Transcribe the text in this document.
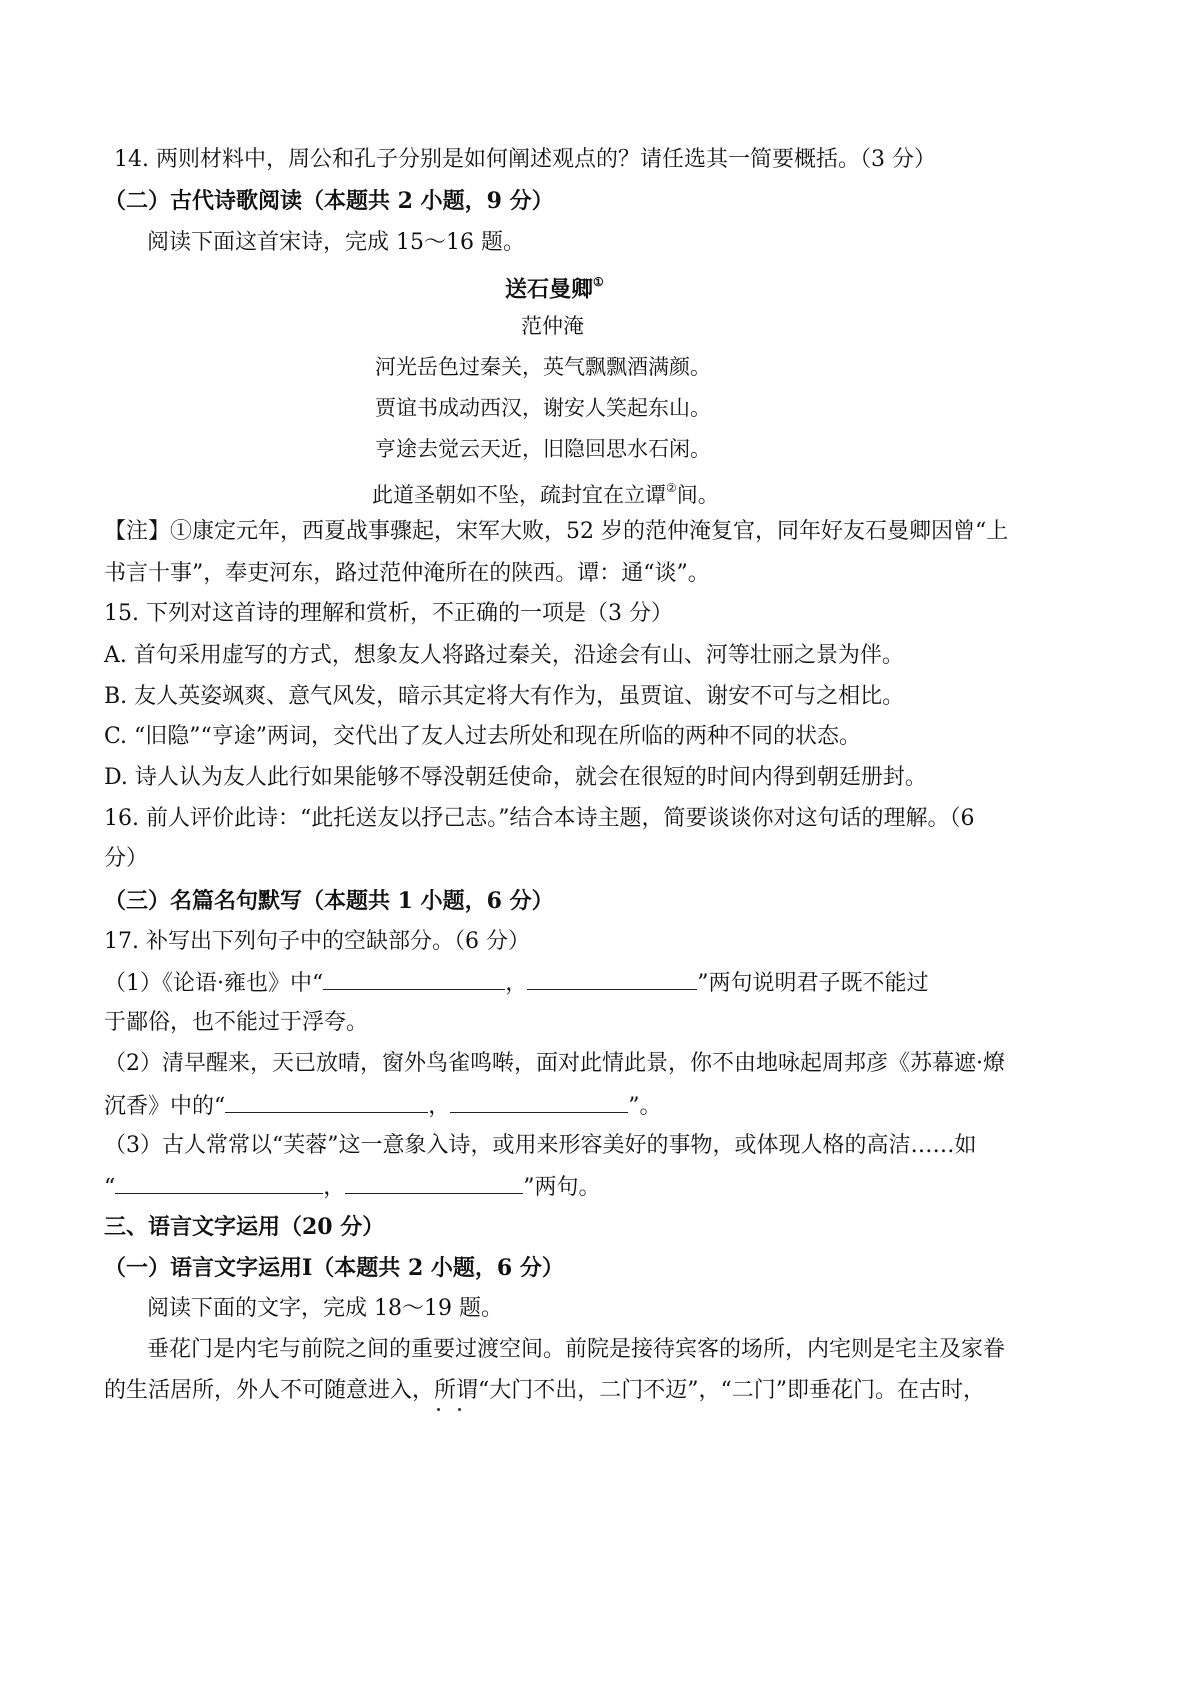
14. 两则材料中，周公和孔子分别是如何阐述观点的？请任选其一简要概括。（3 分）
（二）古代诗歌阅读（本题共 2 小题，9 分）
阅读下面这首宋诗，完成 15～16 题。
送石曼卿①
范仲淹
河光岳色过秦关，英气飘飘酒满颜。
贾谊书成动西汉，谢安人笑起东山。
亨途去觉云天近，旧隐回思水石闲。
此道圣朝如不坠，疏封宜在立谭②间。
【注】①康定元年，西夏战事骤起，宋军大败，52 岁的范仲淹复官，同年好友石曼卿因曾“上
书言十事”，奉吏河东，路过范仲淹所在的陕西。谭：通“谈”。
15. 下列对这首诗的理解和赏析，不正确的一项是（3 分）
A. 首句采用虚写的方式，想象友人将路过秦关，沿途会有山、河等壮丽之景为伴。
B. 友人英姿飒爽、意气风发，暗示其定将大有作为，虽贾谊、谢安不可与之相比。
C. “旧隐”“亨途”两词，交代出了友人过去所处和现在所临的两种不同的状态。
D. 诗人认为友人此行如果能够不辱没朝廷使命，就会在很短的时间内得到朝廷册封。
16. 前人评价此诗：“此托送友以抒己志。”结合本诗主题，简要谈谈你对这句话的理解。（6
分）
（三）名篇名句默写（本题共 1 小题，6 分）
17. 补写出下列句子中的空缺部分。（6 分）
（1）《论语·雍也》中“	，	”两句说明君子既不能过
于鄙俗，也不能过于浮夸。
（2）清早醒来，天已放晴，窗外鸟雀鸣啭，面对此情此景，你不由地咏起周邦彦《苏幕遮·燎
沉香》中的“	，	”。
（3）古人常常以“芙蓉”这一意象入诗，或用来形容美好的事物，或体现人格的高洁……如
“	，	”两句。
三、语言文字运用（20 分）
（一）语言文字运用Ⅰ（本题共 2 小题，6 分）
阅读下面的文字，完成 18～19 题。
垂花门是内宅与前院之间的重要过渡空间。前院是接待宾客的场所，内宅则是宅主及家眷
的生活居所，外人不可随意进入，所谓“大门不出，二门不迈”，“二门”即垂花门。在古时，
